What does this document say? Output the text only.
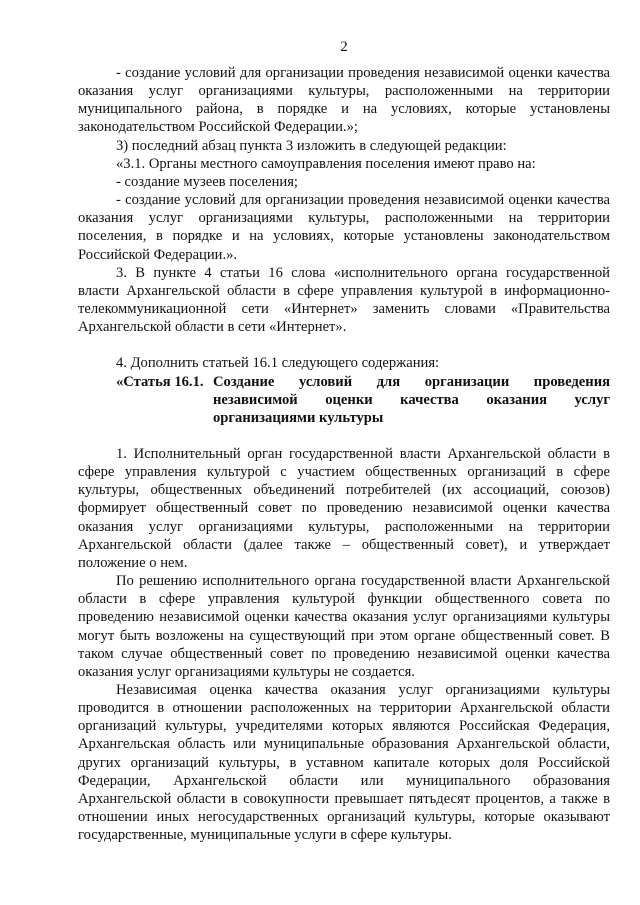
2

- создание условий для организации проведения независимой оценки качества оказания услуг организациями культуры, расположенными на территории муниципального района, в порядке и на условиях, которые установлены законодательством Российской Федерации.»;

3) последний абзац пункта 3 изложить в следующей редакции:

«3.1. Органы местного самоуправления поселения имеют право на:

- создание музеев поселения;

- создание условий для организации проведения независимой оценки качества оказания услуг организациями культуры, расположенными на территории поселения, в порядке и на условиях, которые установлены законодательством Российской Федерации.».

3. В пункте 4 статьи 16 слова «исполнительного органа государственной власти Архангельской области в сфере управления культурой в информационно-телекоммуникационной сети «Интернет» заменить словами «Правительства Архангельской области в сети «Интернет».

4. Дополнить статьей 16.1 следующего содержания:

«Статья 16.1. Создание условий для организации проведения
независимой оценки качества оказания услуг
организациями культуры

1. Исполнительный орган государственной власти Архангельской области в сфере управления культурой с участием общественных организаций в сфере культуры, общественных объединений потребителей (их ассоциаций, союзов) формирует общественный совет по проведению независимой оценки качества оказания услуг организациями культуры, расположенными на территории Архангельской области (далее также – общественный совет), и утверждает положение о нем.

По решению исполнительного органа государственной власти Архангельской области в сфере управления культурой функции общественного совета по проведению независимой оценки качества оказания услуг организациями культуры могут быть возложены на существующий при этом органе общественный совет. В таком случае общественный совет по проведению независимой оценки качества оказания услуг организациями культуры не создается.

Независимая оценка качества оказания услуг организациями культуры проводится в отношении расположенных на территории Архангельской области организаций культуры, учредителями которых являются Российская Федерация, Архангельская область или муниципальные образования Архангельской области, других организаций культуры, в уставном капитале которых доля Российской Федерации, Архангельской области или муниципального образования Архангельской области в совокупности превышает пятьдесят процентов, а также в отношении иных негосударственных организаций культуры, которые оказывают государственные, муниципальные услуги в сфере культуры.
